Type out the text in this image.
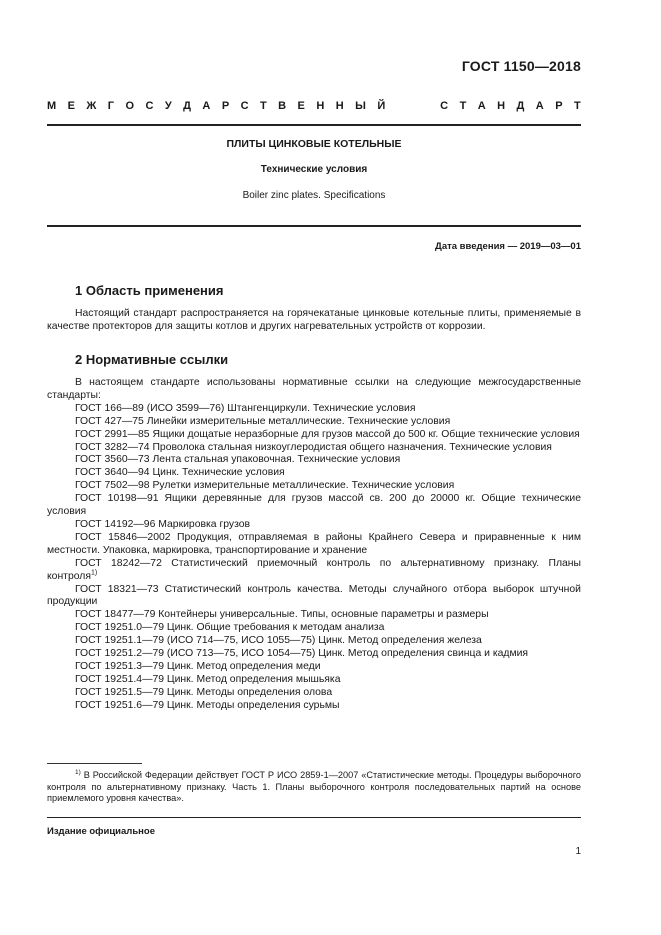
ГОСТ 1150—2018
М Е Ж Г О С У Д А Р С Т В Е Н Н Ы Й

	С Т А Н Д А Р Т
ПЛИТЫ ЦИНКОВЫЕ КОТЕЛЬНЫЕ
Технические условия
Boiler zinc plates. Specifications
Дата введения — 2019—03—01
1 Область применения
Настоящий стандарт распространяется на горячекатаные цинковые котельные плиты, применяемые в качестве протекторов для защиты котлов и других нагревательных устройств от коррозии.
2 Нормативные ссылки

В настоящем стандарте использованы нормативные ссылки на следующие межгосударственные стандарты:

ГОСТ 166—89 (ИСО 3599—76) Штангенциркули. Технические условия

ГОСТ 427—75 Линейки измерительные металлические. Технические условия

ГОСТ 2991—85 Ящики дощатые неразборные для грузов массой до 500 кг. Общие технические условия

ГОСТ 3282—74 Проволока стальная низкоуглеродистая общего назначения. Технические условия

ГОСТ 3560—73 Лента стальная упаковочная. Технические условия

ГОСТ 3640—94 Цинк. Технические условия

ГОСТ 7502—98 Рулетки измерительные металлические. Технические условия

ГОСТ 10198—91 Ящики деревянные для грузов массой св. 200 до 20000 кг. Общие технические условия

ГОСТ 14192—96 Маркировка грузов

ГОСТ 15846—2002 Продукция, отправляемая в районы Крайнего Севера и приравненные к ним местности. Упаковка, маркировка, транспортирование и хранение

ГОСТ 18242—72 Статистический приемочный контроль по альтернативному признаку. Планы контроля$^{1)}$

ГОСТ 18321—73 Статистический контроль качества. Методы случайного отбора выборок штучной продукции

ГОСТ 18477—79 Контейнеры универсальные. Типы, основные параметры и размеры

ГОСТ 19251.0—79 Цинк. Общие требования к методам анализа

ГОСТ 19251.1—79 (ИСО 714—75, ИСО 1055—75) Цинк. Метод определения железа

ГОСТ 19251.2—79 (ИСО 713—75, ИСО 1054—75) Цинк. Метод определения свинца и кадмия

ГОСТ 19251.3—79 Цинк. Метод определения меди

ГОСТ 19251.4—79 Цинк. Метод определения мышьяка

ГОСТ 19251.5—79 Цинк. Методы определения олова

ГОСТ 19251.6—79 Цинк. Методы определения сурьмы

$^{1)}$ В Российской Федерации действует ГОСТ Р ИСО 2859-1—2007 «Статистические методы. Процедуры выборочного контроля по альтернативному признаку. Часть 1. Планы выборочного контроля последовательных партий на основе приемлемого уровня качества».
Издание официальное
1
